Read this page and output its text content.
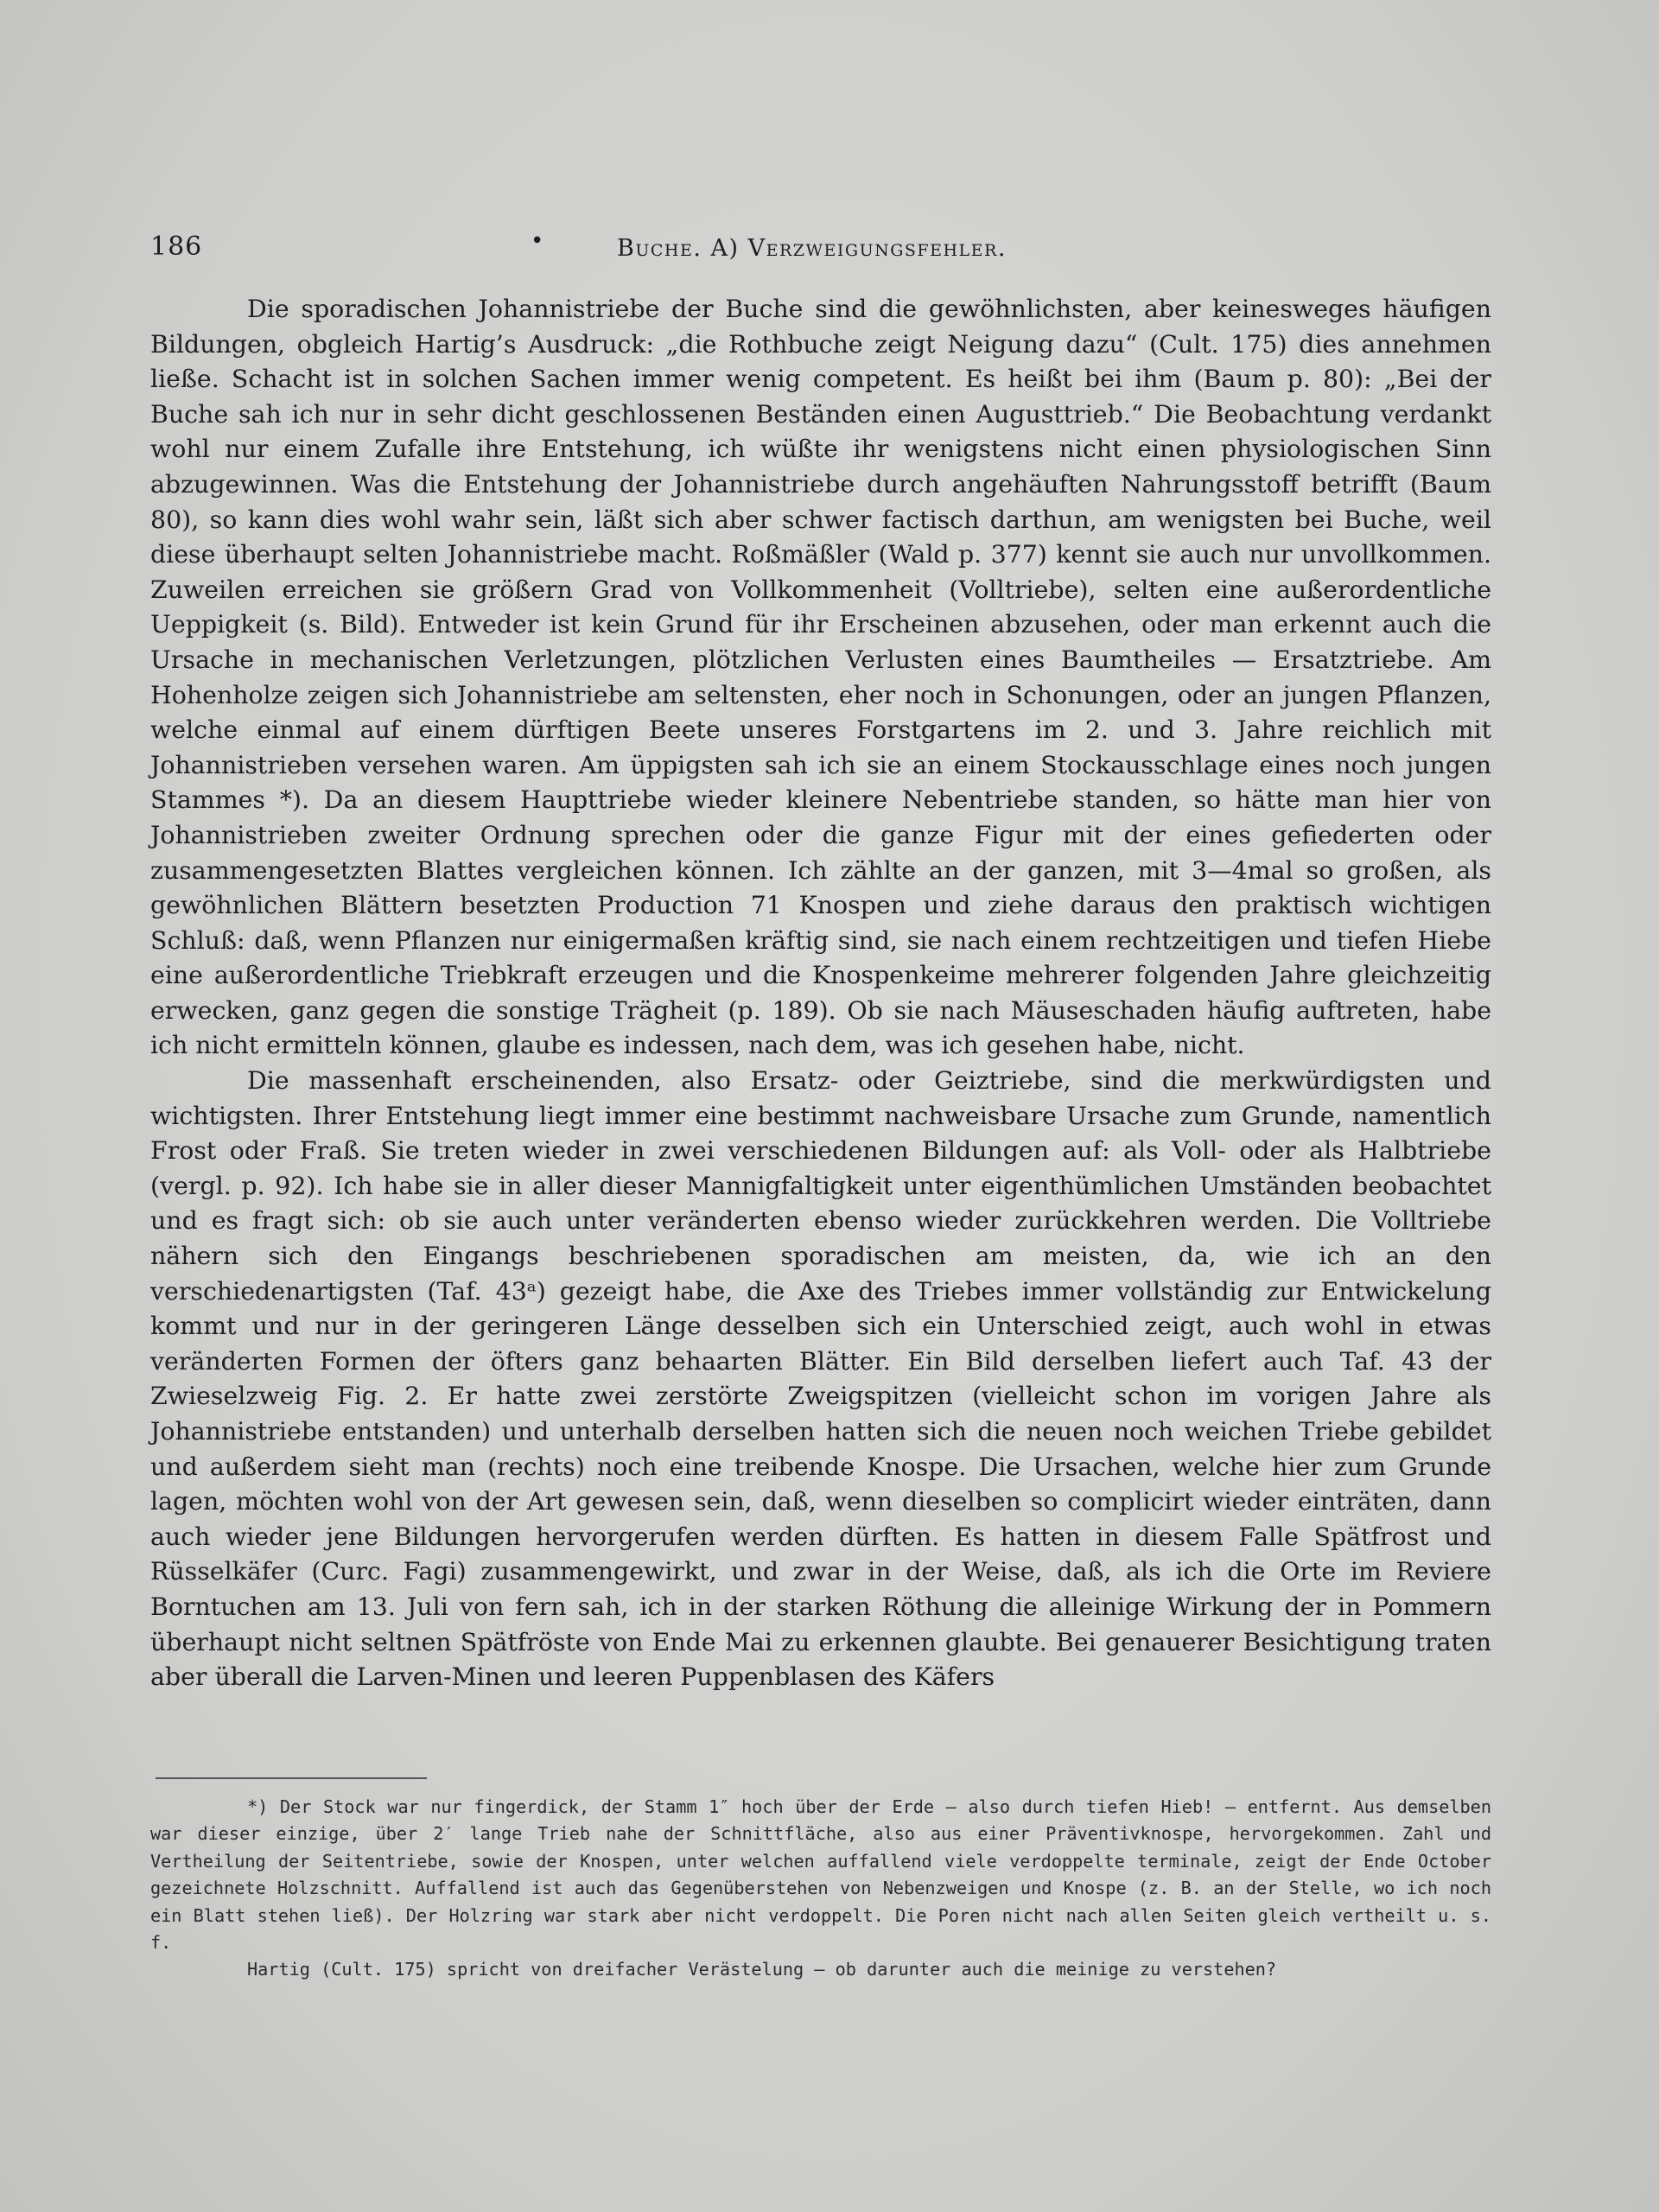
186	•	Buche. A) Verzweigungsfehler.

Die sporadischen Johannistriebe der Buche sind die gewöhnlichsten, aber keinesweges häufigen Bildungen, obgleich Hartig’s Ausdruck: „die Rothbuche zeigt Neigung dazu“ (Cult. 175) dies annehmen ließe. Schacht ist in solchen Sachen immer wenig competent. Es heißt bei ihm (Baum p. 80): „Bei der Buche sah ich nur in sehr dicht geschlossenen Beständen einen Augusttrieb.“ Die Beobachtung verdankt wohl nur einem Zufalle ihre Entstehung, ich wüßte ihr wenigstens nicht einen physiologischen Sinn abzugewinnen. Was die Entstehung der Johannistriebe durch angehäuften Nahrungsstoff betrifft (Baum 80), so kann dies wohl wahr sein, läßt sich aber schwer factisch darthun, am wenigsten bei Buche, weil diese überhaupt selten Johannistriebe macht. Roßmäßler (Wald p. 377) kennt sie auch nur unvollkommen. Zuweilen erreichen sie größern Grad von Vollkommenheit (Volltriebe), selten eine außerordentliche Ueppigkeit (s. Bild). Entweder ist kein Grund für ihr Erscheinen abzusehen, oder man erkennt auch die Ursache in mechanischen Verletzungen, plötzlichen Verlusten eines Baumtheiles — Ersatztriebe. Am Hohenholze zeigen sich Johannistriebe am seltensten, eher noch in Schonungen, oder an jungen Pflanzen, welche einmal auf einem dürftigen Beete unseres Forstgartens im 2. und 3. Jahre reichlich mit Johannistrieben versehen waren. Am üppigsten sah ich sie an einem Stockausschlage eines noch jungen Stammes *). Da an diesem Haupttriebe wieder kleinere Nebentriebe standen, so hätte man hier von Johannistrieben zweiter Ordnung sprechen oder die ganze Figur mit der eines gefiederten oder zusammengesetzten Blattes vergleichen können. Ich zählte an der ganzen, mit 3—4mal so großen, als gewöhnlichen Blättern besetzten Production 71 Knospen und ziehe daraus den praktisch wichtigen Schluß: daß, wenn Pflanzen nur einigermaßen kräftig sind, sie nach einem rechtzeitigen und tiefen Hiebe eine außerordentliche Triebkraft erzeugen und die Knospenkeime mehrerer folgenden Jahre gleichzeitig erwecken, ganz gegen die sonstige Trägheit (p. 189). Ob sie nach Mäuseschaden häufig auftreten, habe ich nicht ermitteln können, glaube es indessen, nach dem, was ich gesehen habe, nicht.

Die massenhaft erscheinenden, also Ersatz- oder Geiztriebe, sind die merkwürdigsten und wichtigsten. Ihrer Entstehung liegt immer eine bestimmt nachweisbare Ursache zum Grunde, namentlich Frost oder Fraß. Sie treten wieder in zwei verschiedenen Bildungen auf: als Voll- oder als Halbtriebe (vergl. p. 92). Ich habe sie in aller dieser Mannigfaltigkeit unter eigenthümlichen Umständen beobachtet und es fragt sich: ob sie auch unter veränderten ebenso wieder zurückkehren werden. Die Volltriebe nähern sich den Eingangs beschriebenen sporadischen am meisten, da, wie ich an den verschiedenartigsten (Taf. 43ᵃ) gezeigt habe, die Axe des Triebes immer vollständig zur Entwickelung kommt und nur in der geringeren Länge desselben sich ein Unterschied zeigt, auch wohl in etwas veränderten Formen der öfters ganz behaarten Blätter. Ein Bild derselben liefert auch Taf. 43 der Zwieselzweig Fig. 2. Er hatte zwei zerstörte Zweigspitzen (vielleicht schon im vorigen Jahre als Johannistriebe entstanden) und unterhalb derselben hatten sich die neuen noch weichen Triebe gebildet und außerdem sieht man (rechts) noch eine treibende Knospe. Die Ursachen, welche hier zum Grunde lagen, möchten wohl von der Art gewesen sein, daß, wenn dieselben so complicirt wieder einträten, dann auch wieder jene Bildungen hervorgerufen werden dürften. Es hatten in diesem Falle Spätfrost und Rüsselkäfer (Curc. Fagi) zusammengewirkt, und zwar in der Weise, daß, als ich die Orte im Reviere Borntuchen am 13. Juli von fern sah, ich in der starken Röthung die alleinige Wirkung der in Pommern überhaupt nicht seltnen Spätfröste von Ende Mai zu erkennen glaubte. Bei genauerer Besichtigung traten aber überall die Larven-Minen und leeren Puppenblasen des Käfers

*) Der Stock war nur fingerdick, der Stamm 1″ hoch über der Erde — also durch tiefen Hieb! — entfernt. Aus demselben war dieser einzige, über 2′ lange Trieb nahe der Schnittfläche, also aus einer Präventivknospe, hervorgekommen. Zahl und Vertheilung der Seitentriebe, sowie der Knospen, unter welchen auffallend viele verdoppelte terminale, zeigt der Ende October gezeichnete Holzschnitt. Auffallend ist auch das Gegenüberstehen von Nebenzweigen und Knospe (z. B. an der Stelle, wo ich noch ein Blatt stehen ließ). Der Holzring war stark aber nicht verdoppelt. Die Poren nicht nach allen Seiten gleich vertheilt u. s. f.

Hartig (Cult. 175) spricht von dreifacher Verästelung — ob darunter auch die meinige zu verstehen?
